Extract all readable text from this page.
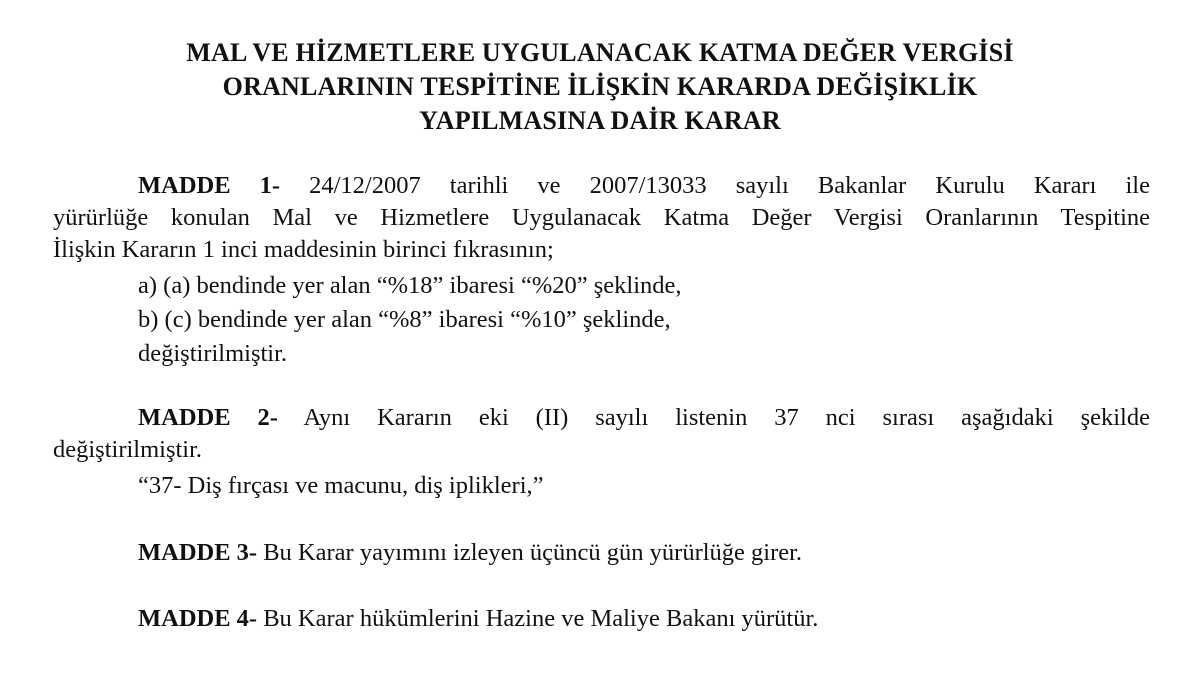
MAL VE HİZMETLERE UYGULANACAK KATMA DEĞER VERGİSİ
ORANLARININ TESPİTİNE İLİŞKİN KARARDA DEĞİŞİKLİK
YAPILMASINA DAİR KARAR
MADDE 1- 24/12/2007 tarihli ve 2007/13033 sayılı Bakanlar Kurulu Kararı ile
yürürlüğe konulan Mal ve Hizmetlere Uygulanacak Katma Değer Vergisi Oranlarının Tespitine
İlişkin Kararın 1 inci maddesinin birinci fıkrasının;
a) (a) bendinde yer alan “%18” ibaresi “%20” şeklinde,
b) (c) bendinde yer alan “%8” ibaresi “%10” şeklinde,
değiştirilmiştir.
MADDE 2- Aynı Kararın eki (II) sayılı listenin 37 nci sırası aşağıdaki şekilde
değiştirilmiştir.
“37- Diş fırçası ve macunu, diş iplikleri,”
MADDE 3- Bu Karar yayımını izleyen üçüncü gün yürürlüğe girer.
MADDE 4- Bu Karar hükümlerini Hazine ve Maliye Bakanı yürütür.
